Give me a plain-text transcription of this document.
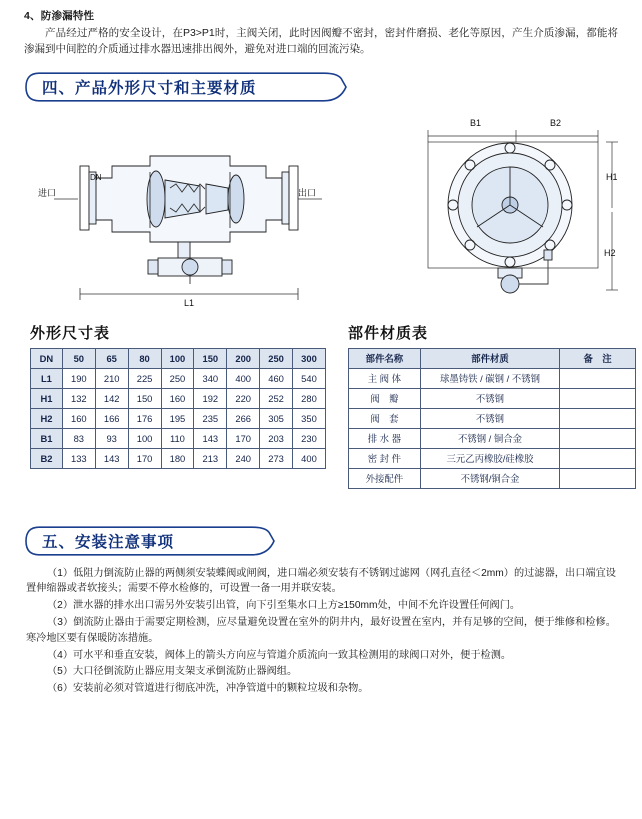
4、防渗漏特性
产品经过严格的安全设计，在P3>P1时，主阀关闭，此时因阀瓣不密封，密封件磨损、老化等原因，产生介质渗漏，都能将渗漏到中间腔的介质通过排水器迅速排出阀外，避免对进口端的回流污染。
四、产品外形尺寸和主要材质
进口
DN
出口
L1
B1	B2
H1
H2
外形尺寸表	部件材质表
DN	50	65	80	100	150	200	250	300
L1	190	210	225	250	340	400	460	540
H1	132	142	150	160	192	220	252	280
H2	160	166	176	195	235	266	305	350
B1	83	93	100	110	143	170	203	230
B2	133	143	170	180	213	240	273	400
部件名称	部件材质	备　注
主 阀 体	球墨铸铁 / 碳钢 / 不锈钢	
阀　瓣	不锈钢	
阀　套	不锈钢	
排 水 器	不锈钢 / 铜合金	
密 封 件	三元乙丙橡胶/硅橡胶	
外接配件	不锈钢/铜合金	
五、安装注意事项
（1）低阻力倒流防止器的两侧须安装蝶阀或闸阀，进口端必须安装有不锈钢过滤网（网孔直径＜2mm）的过滤器，出口端宜设置伸缩器或者软接头；需要不停水检修的，可设置一备一用并联安装。
（2）泄水器的排水出口需另外安装引出管，向下引至集水口上方≥150mm处，中间不允许设置任何阀门。
（3）倒流防止器由于需要定期检测，应尽量避免设置在室外的阴井内，最好设置在室内，并有足够的空间，便于维修和检修。寒冷地区要有保暖防冻措施。
（4）可水平和垂直安装，阀体上的箭头方向应与管道介质流向一致其检测用的球阀口对外，便于检测。
（5）大口径倒流防止器应用支架支承倒流防止器阀组。
（6）安装前必须对管道进行彻底冲洗，冲净管道中的颗粒垃圾和杂物。
